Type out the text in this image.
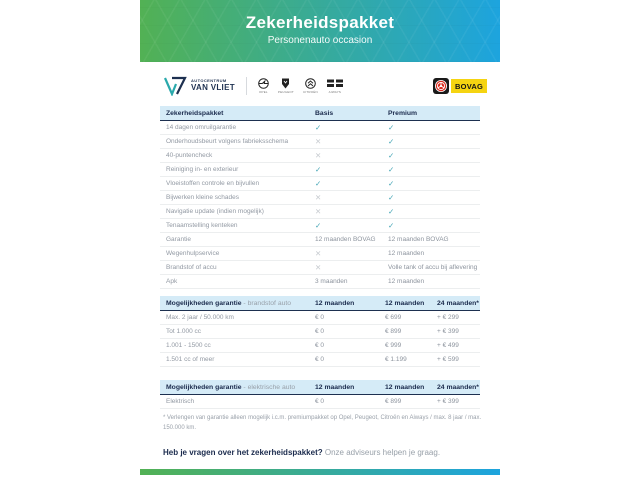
Zekerheidspakket
Personenauto occasion
AUTOCENTRUM
VAN VLIET
OPEL	PEUGEOT	CITROËN	AIWAYS
BOVAG
Zekerheidspakket	Basis	Premium
14 dagen omruilgarantie	✓	✓
Onderhoudsbeurt volgens fabrieksschema	✕	✓
40-puntencheck	✕	✓
Reiniging in- en exterieur	✓	✓
Vloeistoffen controle en bijvullen	✓	✓
Bijwerken kleine schades	✕	✓
Navigatie update (indien mogelijk)	✕	✓
Tenaamstelling kenteken	✓	✓
Garantie	12 maanden BOVAG	12 maanden BOVAG
Wegenhulpservice	✕	12 maanden
Brandstof of accu	✕	Volle tank of accu bij aflevering
Apk	3 maanden	12 maanden
Mogelijkheden garantie - brandstof auto	12 maanden	12 maanden	24 maanden*
Max. 2 jaar / 50.000 km	€ 0	€ 699	+ € 299
Tot 1.000 cc	€ 0	€ 899	+ € 399
1.001 - 1500 cc	€ 0	€ 999	+ € 499
1.501 cc of meer	€ 0	€ 1.199	+ € 599
Mogelijkheden garantie - elektrische auto	12 maanden	12 maanden	24 maanden*
Elektrisch	€ 0	€ 899	+ € 399
* Verlengen van garantie alleen mogelijk i.c.m. premiumpakket op Opel, Peugeot, Citroën en Aiways / max. 8 jaar / max. 150.000 km.
Heb je vragen over het zekerheidspakket? Onze adviseurs helpen je graag.
